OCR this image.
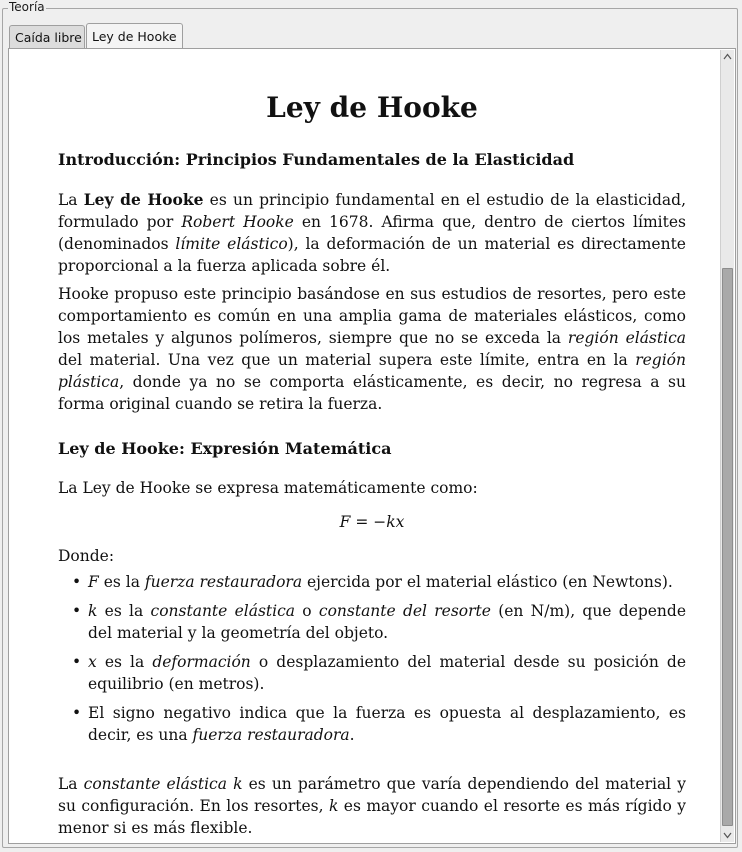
Teoría
Caída libre Ley de Hooke
Ley de Hooke
Introducción: Principios Fundamentales de la Elasticidad

La Ley de Hooke es un principio fundamental en el estudio de la elasticidad, formulado por Robert Hooke en 1678. Afirma que, dentro de ciertos límites (denominados límite elástico), la deformación de un material es directamente proporcional a la fuerza aplicada sobre él.

Hooke propuso este principio basándose en sus estudios de resortes, pero este comportamiento es común en una amplia gama de materiales elásticos, como los metales y algunos polímeros, siempre que no se exceda la región elástica del material. Una vez que un material supera este límite, entra en la región plástica, donde ya no se comporta elásticamente, es decir, no regresa a su forma original cuando se retira la fuerza.

Ley de Hooke: Expresión Matemática

La Ley de Hooke se expresa matemáticamente como:

F = −kx

Donde:

• F es la fuerza restauradora ejercida por el material elástico (en Newtons).
• k es la constante elástica o constante del resorte (en N/m), que depende del material y la geometría del objeto.
• x es la deformación o desplazamiento del material desde su posición de equilibrio (en metros).
• El signo negativo indica que la fuerza es opuesta al desplazamiento, es decir, es una fuerza restauradora.

La constante elástica k es un parámetro que varía dependiendo del material y su configuración. En los resortes, k es mayor cuando el resorte es más rígido y menor si es más flexible.
